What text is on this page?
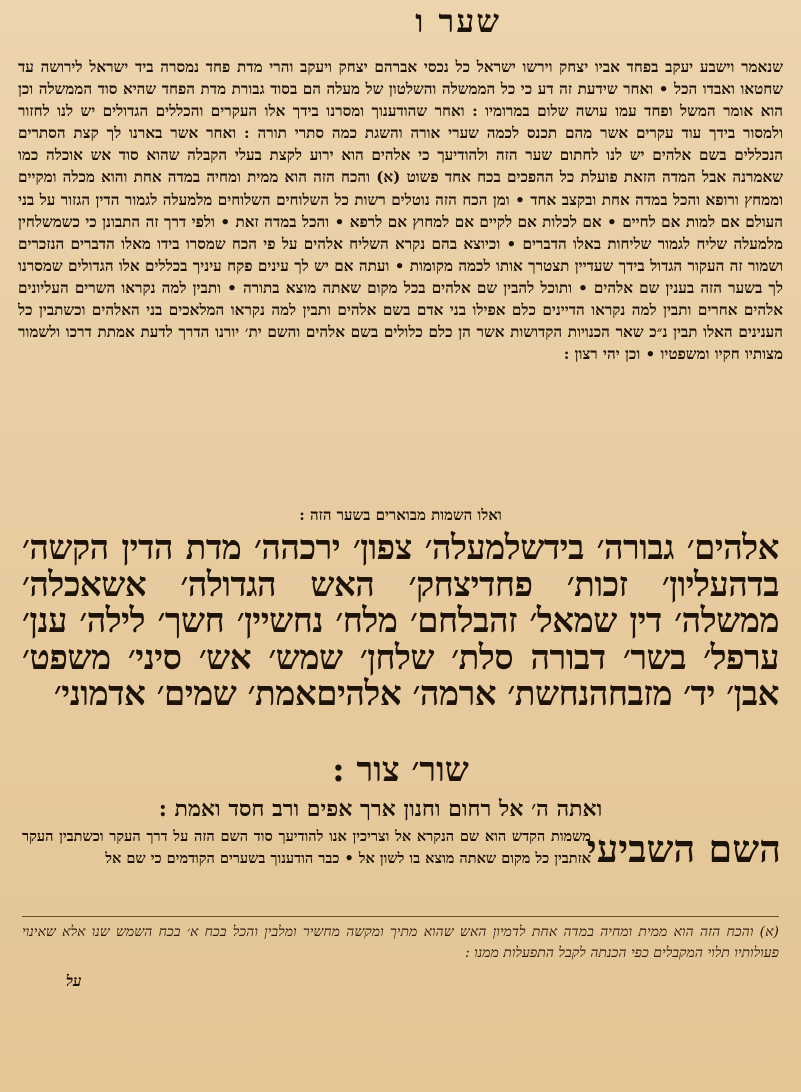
שער ו

שנאמר וישבע יעקב בפחד אביו יצחק וירשו ישראל כל נכסי אברהם יצחק ויעקב והרי מדת פחד נמסרה ביד ישראל לירושה עד שחטאו ואבדו הכל • ואחר שידעת זה דע כי כל הממשלה והשלטון של מעלה הם בסוד גבורת מדת הפחד שהיא סוד הממשלה וכן הוא אומר המשל ופחד עמו עושה שלום במרומיו : ואחר שהודענוך ומסרנו בידך אלו העקרים והכללים הגדולים יש לנו לחזור ולמסור בידך עוד עקרים אשר מהם תכנס לכמה שערי אורה והשגת כמה סתרי תורה : ואחר אשר בארנו לך קצת הסתרים הנכללים בשם אלהים יש לנו לחתום שער הזה ולהודיעך כי אלהים הוא ירוע לקצת בעלי הקבלה שהוא סוד אש אוכלה כמו שאמרנה אבל המדה הזאת פועלת כל ההפכים בכח אחד פשוט (א) והכח הזה הוא ממית ומחיה במדה אחת והוא מכלה ומקיים וממחץ ורופא והכל במדה אחת ובקצב אחד • ומן הכח הזה נוטלים רשות כל השלוחים השלוחים מלמעלה לגמור הדין הגזור על בני העולם אם למות אם לחיים • אם לכלות אם לקיים אם למחוץ אם לרפא • והכל במדה זאת • ולפי דרך זה התבונן כי כשמשלחין מלמעלה שליח לגמור שליחות באלו הדברים • וכיוצא בהם נקרא השליח אלהים על פי הכח שמסרו בידו מאלו הדברים הנזכרים ושמור זה העקור הגדול בידך שעדיין תצטרך אותו לכמה מקומות • ועתה אם יש לך עינים פקח עיניך בכללים אלו הגדולים שמסרנו לך בשער הזה בענין שם אלהים • ותוכל להבין שם אלהים בכל מקום שאתה מוצא בתורה • ותבין למה נקראו השרים העליונים אלהים אחרים ותבין למה נקראו הדיינים כלם אפילו בני אדם בשם אלהים ותבין למה נקראו המלאכים בני האלהים וכשתבין כל הענינים האלו תבין נ״כ שאר הכנויות הקדושות אשר הן כלם כלולים בשם אלהים והשם ית׳ יורנו הדרך לדעת אמתת דרכו ולשמור מצותיו חקיו ומשפטיו • וכן יהי רצון :

ואלו השמות מבוארים בשער הזה :

אלהים׳ גבורה׳ בידשלמעלה׳ צפון׳ ירכהה׳ מדת הדין הקשה׳ בדהעליון׳ זכות׳ פחדיצחק׳ האש הגדולה׳ אשאכלה׳ ממשלה׳ דין שמאל׳ זהבלחם׳ מלח׳ נחשיין׳ חשך׳ לילה׳ ענן׳ ערפל׳ בשר׳ דבורה סלת׳ שלחן׳ שמש׳ אש׳ סיני׳ משפט׳ אבן׳ יד׳ מזבחהנחשת׳ ארמה׳ אלהיםאמת׳ שמים׳ אדמוני׳

שור׳ צור :

ואתה ה׳ אל רחום וחנון ארך אפים ורב חסד ואמת :

השם השביעי

משמות הקדש הוא שם הנקרא אל וצריכין אנו להודיעך סוד השם הזה על דרך העקר וכשתבין העקר אזתבין כל מקום שאתה מוצא בו לשון אל • כבר הודענוך בשערים הקודמים כי שם אל

(א) והכח הזה הוא ממית ומחיה במדה אחת לדמיון האש שהוא מתיך ומקשה מחשיר ומלבין והכל בכח א׳ בכח השמש שנו אלא שאינוי פעולותיו תלוי המקבלים כפי הכנתה לקבל התפעלות ממנו :

על
